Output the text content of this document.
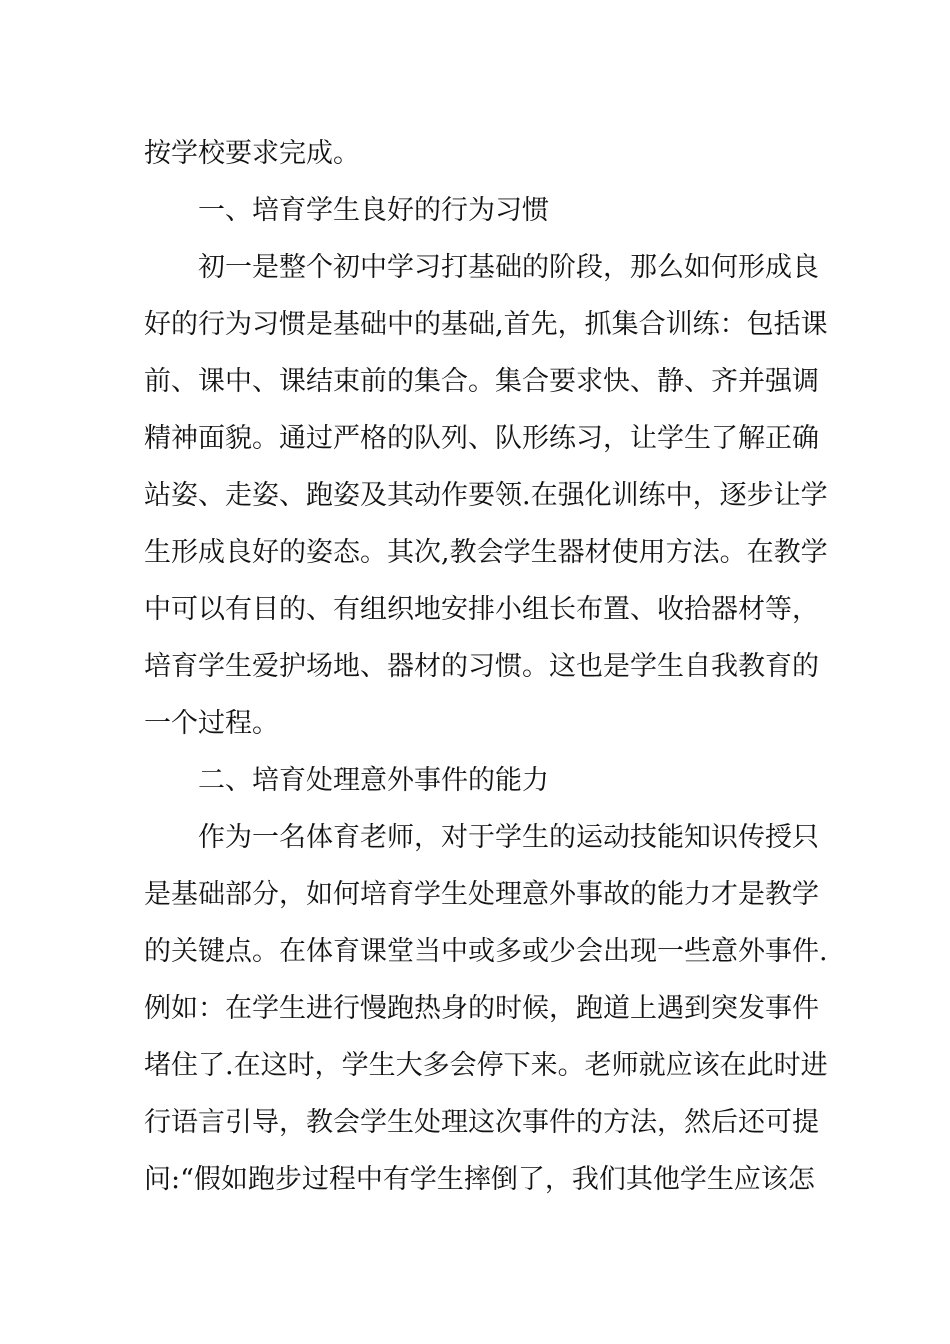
按学校要求完成。
一、培育学生良好的行为习惯
初一是整个初中学习打基础的阶段，那么如何形成良
好的行为习惯是基础中的基础,首先，抓集合训练：包括课
前、课中、课结束前的集合。集合要求快、静、齐并强调
精神面貌。通过严格的队列、队形练习，让学生了解正确
站姿、走姿、跑姿及其动作要领.在强化训练中，逐步让学
生形成良好的姿态。其次,教会学生器材使用方法。在教学
中可以有目的、有组织地安排小组长布置、收拾器材等，
培育学生爱护场地、器材的习惯。这也是学生自我教育的
一个过程。
二、培育处理意外事件的能力
作为一名体育老师，对于学生的运动技能知识传授只
是基础部分，如何培育学生处理意外事故的能力才是教学
的关键点。在体育课堂当中或多或少会出现一些意外事件.
例如：在学生进行慢跑热身的时候，跑道上遇到突发事件
堵住了.在这时，学生大多会停下来。老师就应该在此时进
行语言引导，教会学生处理这次事件的方法，然后还可提
问:“假如跑步过程中有学生摔倒了，我们其他学生应该怎
